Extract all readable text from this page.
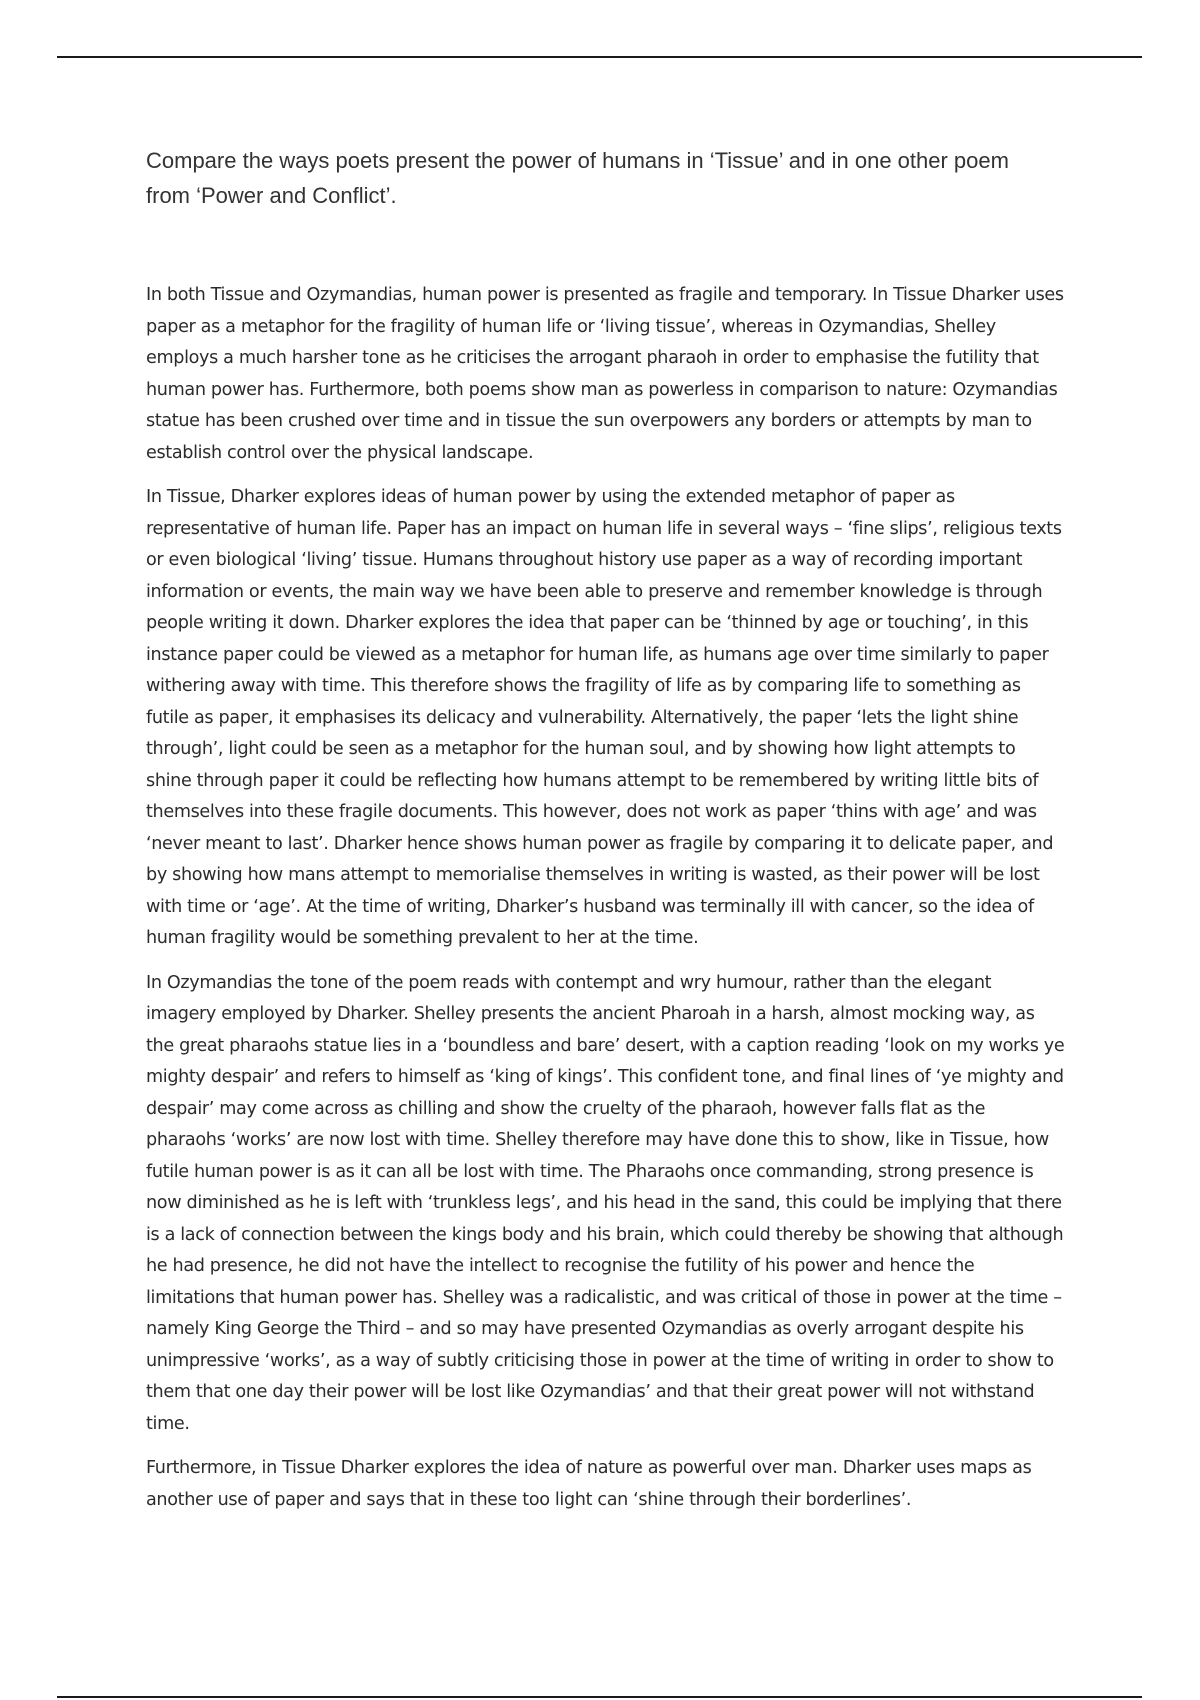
Compare the ways poets present the power of humans in ‘Tissue’ and in one other poem from ‘Power and Conflict’.

In both Tissue and Ozymandias, human power is presented as fragile and temporary. In Tissue Dharker uses paper as a metaphor for the fragility of human life or ‘living tissue’, whereas in Ozymandias, Shelley employs a much harsher tone as he criticises the arrogant pharaoh in order to emphasise the futility that human power has. Furthermore, both poems show man as powerless in comparison to nature: Ozymandias statue has been crushed over time and in tissue the sun overpowers any borders or attempts by man to establish control over the physical landscape.

In Tissue, Dharker explores ideas of human power by using the extended metaphor of paper as representative of human life. Paper has an impact on human life in several ways – ‘fine slips’, religious texts or even biological ‘living’ tissue. Humans throughout history use paper as a way of recording important information or events, the main way we have been able to preserve and remember knowledge is through people writing it down. Dharker explores the idea that paper can be ‘thinned by age or touching’, in this instance paper could be viewed as a metaphor for human life, as humans age over time similarly to paper withering away with time. This therefore shows the fragility of life as by comparing life to something as futile as paper, it emphasises its delicacy and vulnerability. Alternatively, the paper ‘lets the light shine through’, light could be seen as a metaphor for the human soul, and by showing how light attempts to shine through paper it could be reflecting how humans attempt to be remembered by writing little bits of themselves into these fragile documents. This however, does not work as paper ‘thins with age’ and was ‘never meant to last’. Dharker hence shows human power as fragile by comparing it to delicate paper, and by showing how mans attempt to memorialise themselves in writing is wasted, as their power will be lost with time or ‘age’. At the time of writing, Dharker’s husband was terminally ill with cancer, so the idea of human fragility would be something prevalent to her at the time.

In Ozymandias the tone of the poem reads with contempt and wry humour, rather than the elegant imagery employed by Dharker. Shelley presents the ancient Pharoah in a harsh, almost mocking way, as the great pharaohs statue lies in a ‘boundless and bare’ desert, with a caption reading ‘look on my works ye mighty despair’ and refers to himself as ‘king of kings’. This confident tone, and final lines of ‘ye mighty and despair’ may come across as chilling and show the cruelty of the pharaoh, however falls flat as the pharaohs ‘works’ are now lost with time. Shelley therefore may have done this to show, like in Tissue, how futile human power is as it can all be lost with time. The Pharaohs once commanding, strong presence is now diminished as he is left with ‘trunkless legs’, and his head in the sand, this could be implying that there is a lack of connection between the kings body and his brain, which could thereby be showing that although he had presence, he did not have the intellect to recognise the futility of his power and hence the limitations that human power has. Shelley was a radicalistic, and was critical of those in power at the time – namely King George the Third – and so may have presented Ozymandias as overly arrogant despite his unimpressive ‘works’, as a way of subtly criticising those in power at the time of writing in order to show to them that one day their power will be lost like Ozymandias’ and that their great power will not withstand time.

Furthermore, in Tissue Dharker explores the idea of nature as powerful over man. Dharker uses maps as another use of paper and says that in these too light can ‘shine through their borderlines’.
